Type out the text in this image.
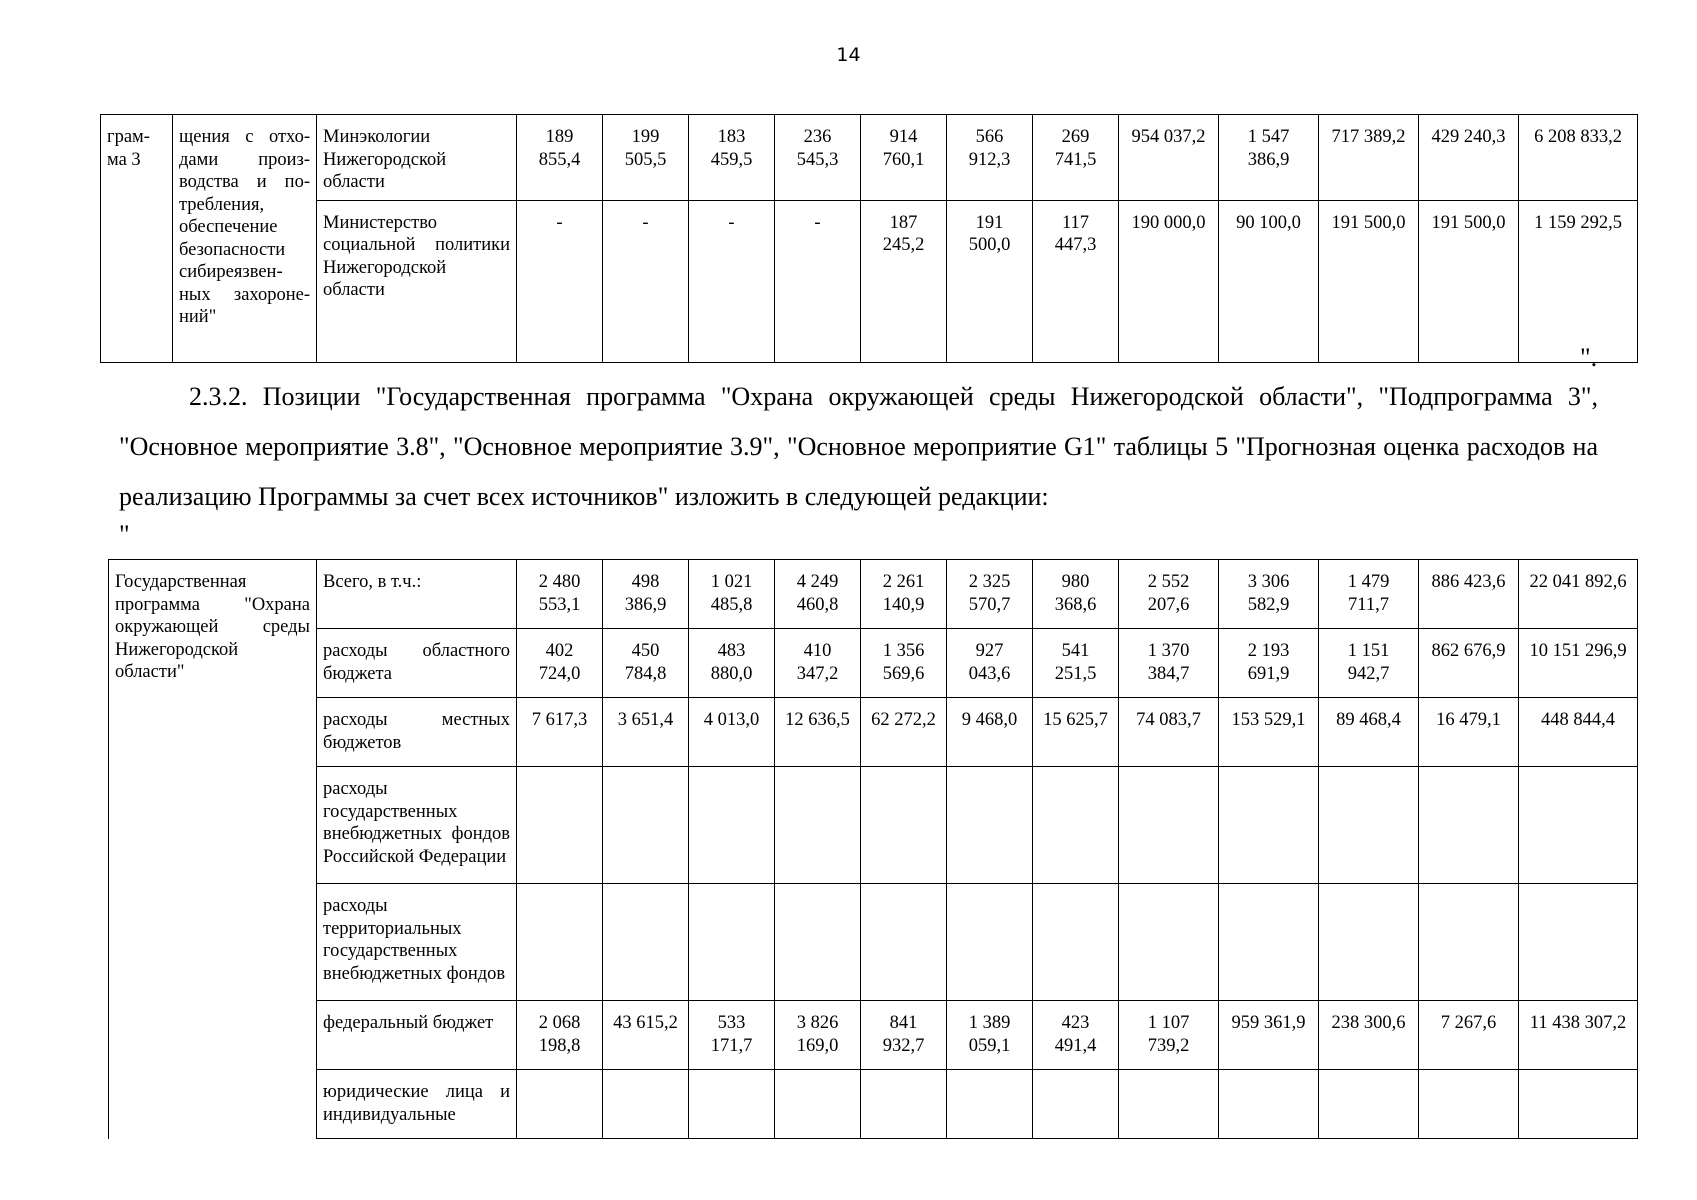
14
грам-ма 3	щения с отхо-дами произ-водства и по-требления, обеспечение безопасности сибиреязвен-ных захороне-ний"	Минэкологии Нижегородской области	189 855,4	199 505,5	183 459,5	236 545,3	914 760,1	566 912,3	269 741,5	954 037,2	1 547 386,9	717 389,2	429 240,3	6 208 833,2
		Министерство социальной политики Нижегородской области	-	-	-	-	187 245,2	191 500,0	117 447,3	190 000,0	90 100,0	191 500,0	191 500,0	1 159 292,5
".

2.3.2. Позиции "Государственная программа "Охрана окружающей среды Нижегородской области", "Подпрограмма 3", "Основное мероприятие 3.8", "Основное мероприятие 3.9", "Основное мероприятие G1" таблицы 5 "Прогнозная оценка расходов на реализацию Программы за счет всех источников" изложить в следующей редакции:

"
Государственная программа "Охрана окружающей среды Нижегородской области"	Всего, в т.ч.:	2 480 553,1	498 386,9	1 021 485,8	4 249 460,8	2 261 140,9	2 325 570,7	980 368,6	2 552 207,6	3 306 582,9	1 479 711,7	886 423,6	22 041 892,6
	расходы областного бюджета	402 724,0	450 784,8	483 880,0	410 347,2	1 356 569,6	927 043,6	541 251,5	1 370 384,7	2 193 691,9	1 151 942,7	862 676,9	10 151 296,9
	расходы местных бюджетов	7 617,3	3 651,4	4 013,0	12 636,5	62 272,2	9 468,0	15 625,7	74 083,7	153 529,1	89 468,4	16 479,1	448 844,4
	расходы государственных внебюджетных фондов Российской Федерации												
	расходы территориальных государственных внебюджетных фондов												
	федеральный бюджет	2 068 198,8	43 615,2	533 171,7	3 826 169,0	841 932,7	1 389 059,1	423 491,4	1 107 739,2	959 361,9	238 300,6	7 267,6	11 438 307,2
	юридические лица и индивидуальные												
